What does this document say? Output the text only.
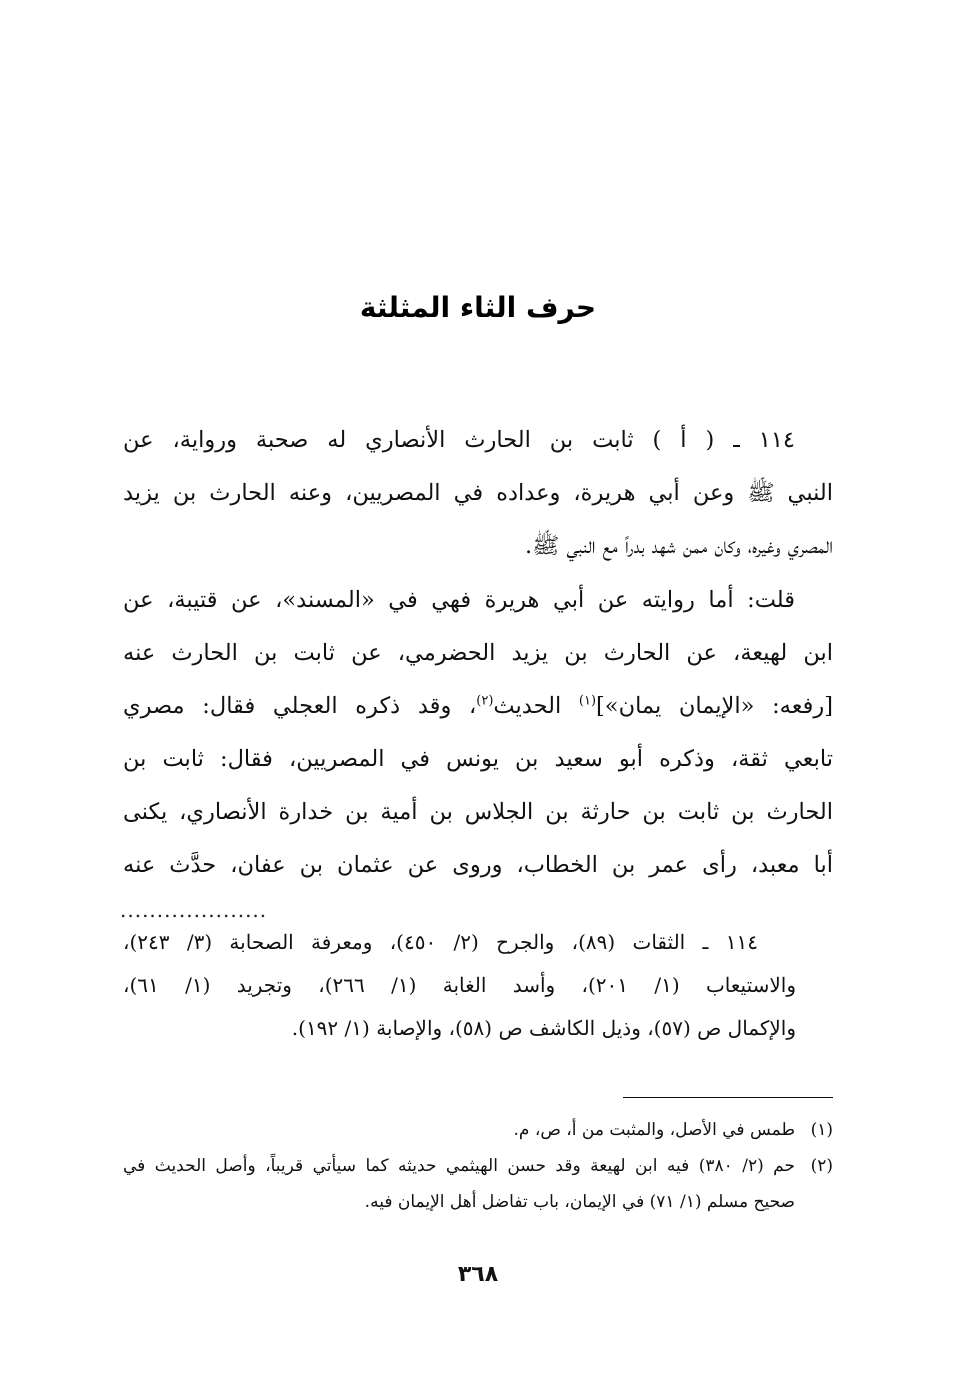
حرف الثاء المثلثة
١١٤ ـ ( أ ) ثابت بن الحارث الأنصاري له صحبة ورواية، عن
النبي ﷺ وعن أبي هريرة، وعداده في المصريين، وعنه الحارث بن يزيد
المصري وغيره، وكان ممن شهد بدراً مع النبي ﷺ.
قلت: أما روايته عن أبي هريرة فهي في «المسند»، عن قتيبة، عن
ابن لهيعة، عن الحارث بن يزيد الحضرمي، عن ثابت بن الحارث عنه
[رفعه: «الإيمان يمان»]$^{(١)}$ الحديث$^{(٢)}$، وقد ذكره العجلي فقال: مصري
تابعي ثقة، وذكره أبو سعيد بن يونس في المصريين، فقال: ثابت بن
الحارث بن ثابت بن حارثة بن الجلاس بن أمية بن خدارة الأنصاري، يكنى
أبا معبد، رأى عمر بن الخطاب، وروى عن عثمان بن عفان، حدَّث عنه
....................
١١٤ ـ الثقات (٨٩)، والجرح (٢/ ٤٥٠)، ومعرفة الصحابة (٣/ ٢٤٣)،
والاستيعاب (١/ ٢٠١)، وأسد الغابة (١/ ٢٦٦)، وتجريد (١/ ٦١)،
والإكمال ص (٥٧)، وذيل الكاشف ص (٥٨)، والإصابة (١/ ١٩٢).
(١)طمس في الأصل، والمثبت من أ، ص، م.
(٢)حم (٢/ ٣٨٠) فيه ابن لهيعة وقد حسن الهيثمي حديثه كما سيأتي قريباً، وأصل الحديث في
صحيح مسلم (١/ ٧١) في الإيمان، باب تفاضل أهل الإيمان فيه.
٣٦٨
